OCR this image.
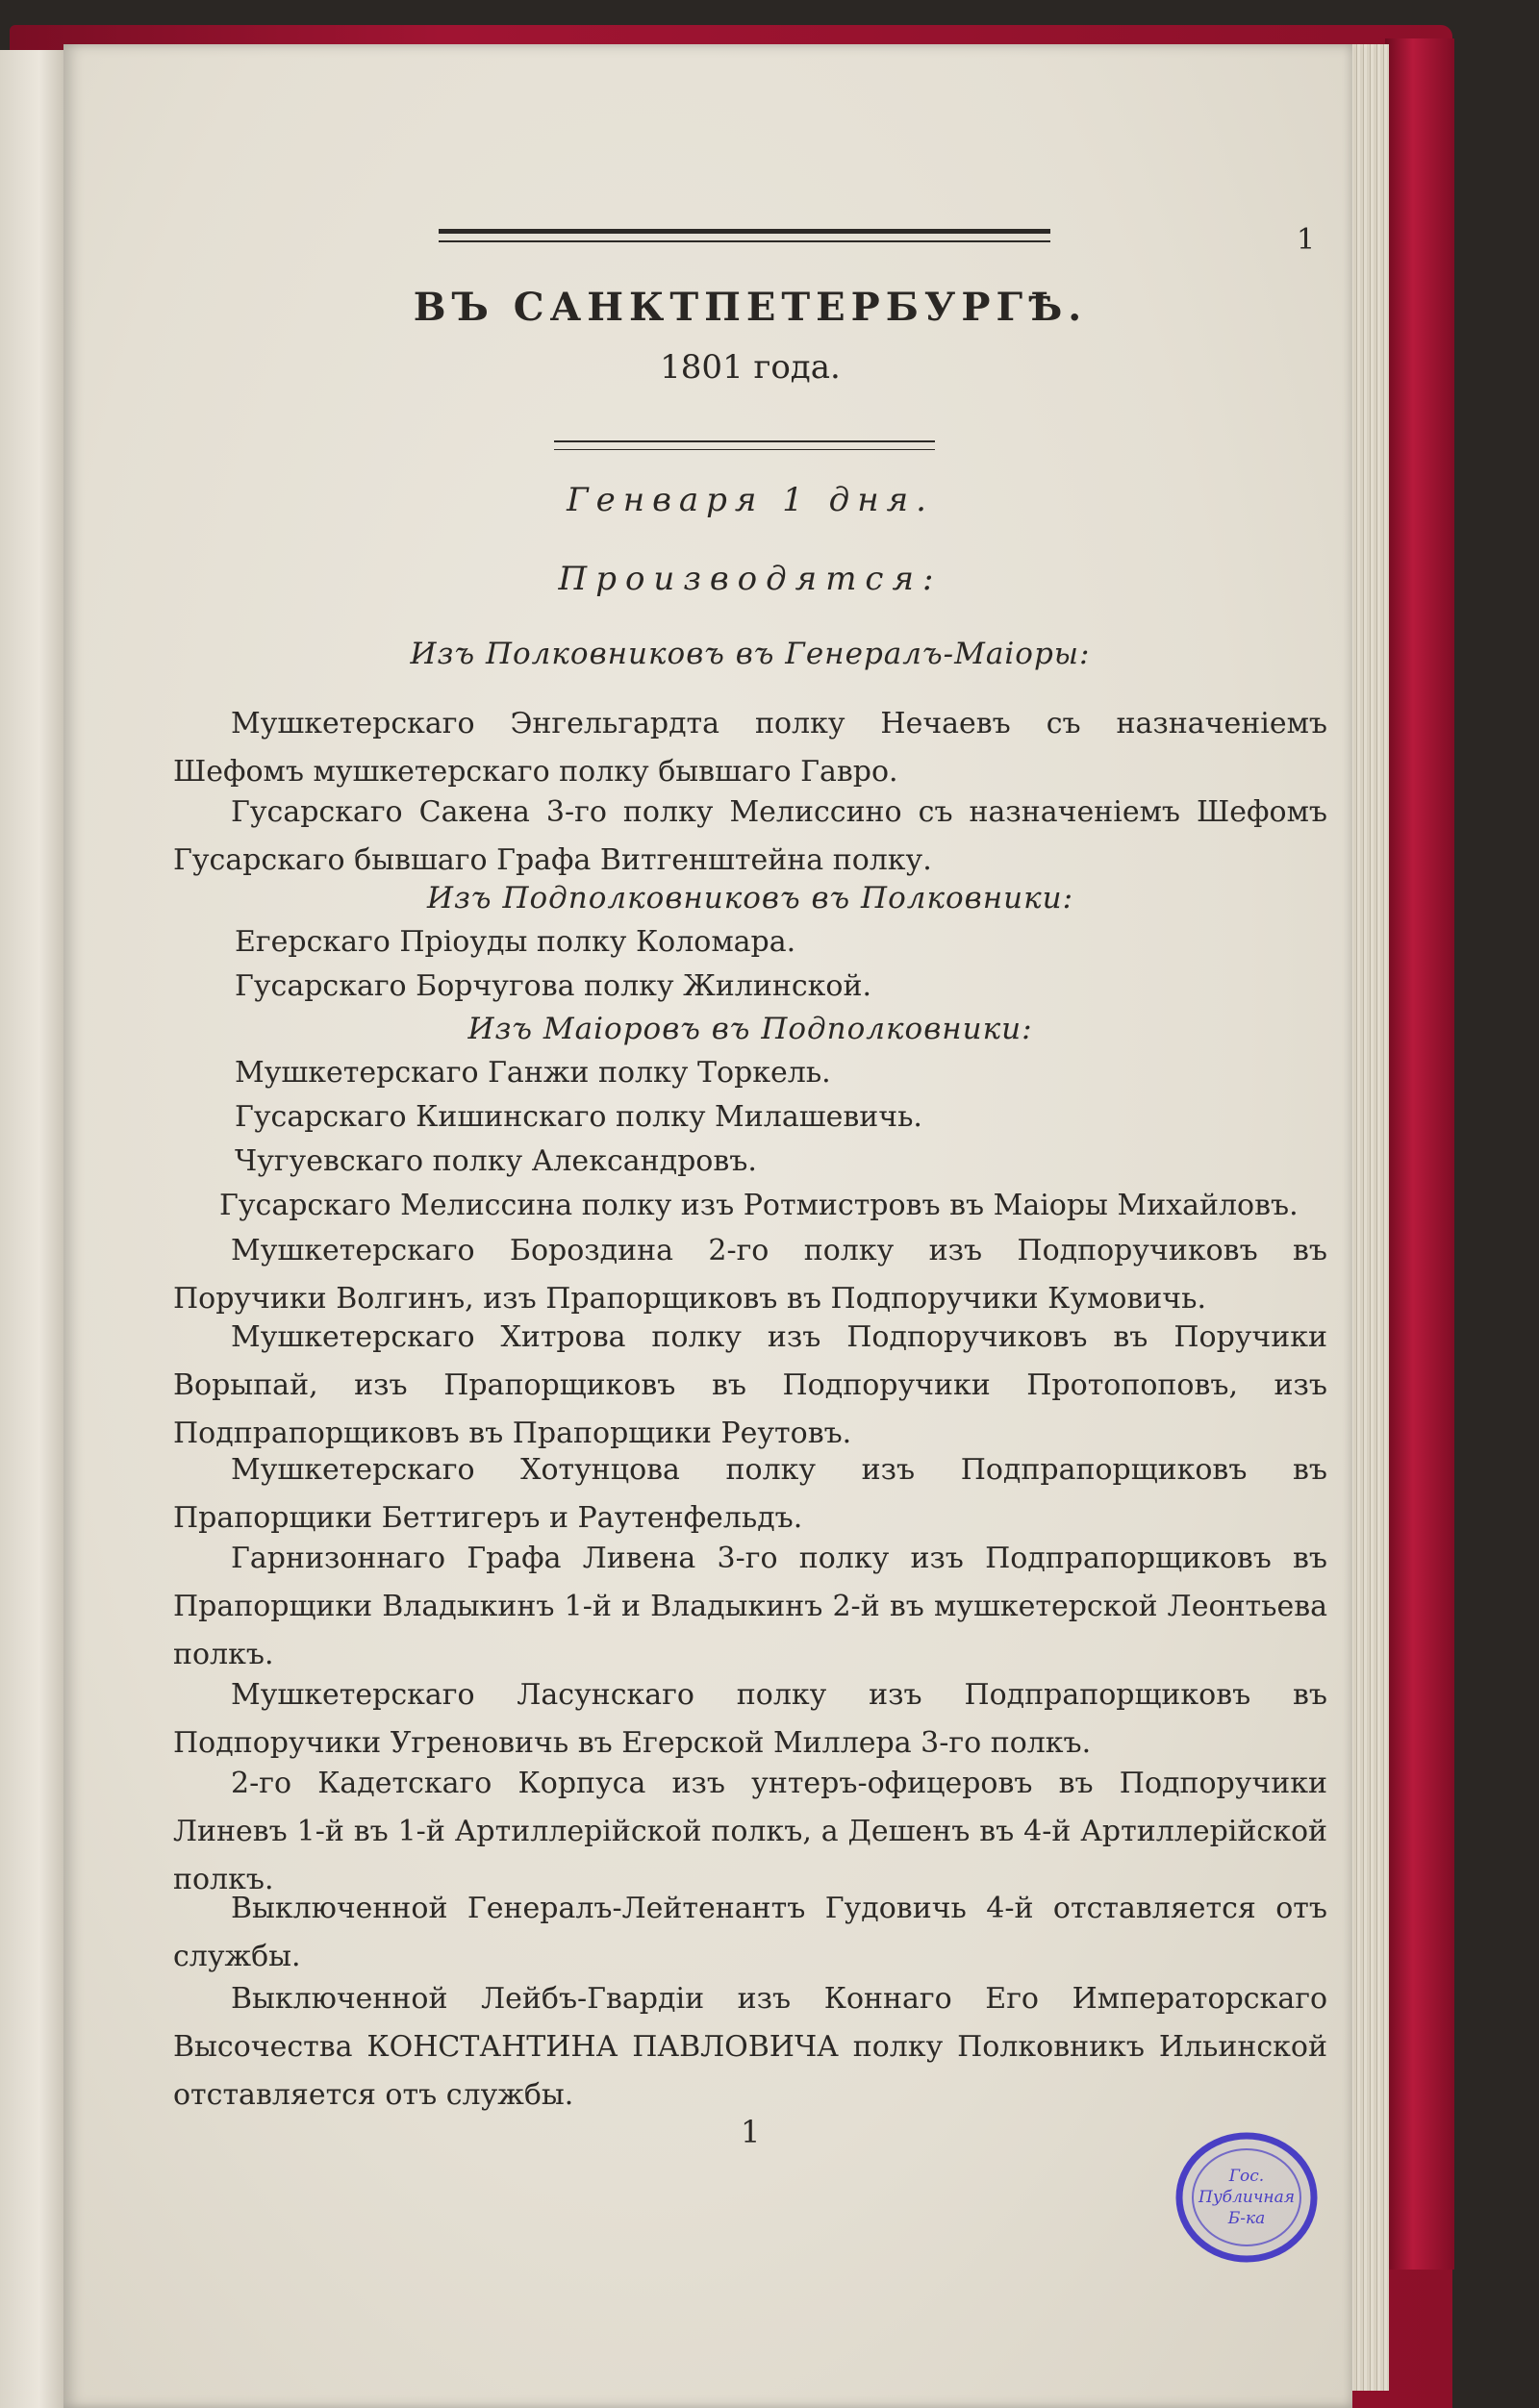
1
ВЪ САНКТПЕТЕРБУРГѢ.
1801 года.
Генваря 1 дня.
Производятся:
Изъ Полковниковъ въ Генералъ-Маіоры:

Мушкетерскаго Энгельгардта полку Нечаевъ съ назначеніемъ Шефомъ мушкетерскаго полку бывшаго Гавро.

Гусарскаго Сакена 3-го полку Мелиссино съ назначеніемъ Шефомъ Гусарскаго бывшаго Графа Витгенштейна полку.

Изъ Подполковниковъ въ Полковники:
Егерскаго Пріоуды полку Коломара.
Гусарскаго Борчугова полку Жилинской.
Изъ Маіоровъ въ Подполковники:
Мушкетерскаго Ганжи полку Торкель.
Гусарскаго Кишинскаго полку Милашевичь.
Чугуевскаго полку Александровъ.
Гусарскаго Мелиссина полку изъ Ротмистровъ въ Маіоры Михайловъ.

Мушкетерскаго Бороздина 2-го полку изъ Подпоручиковъ въ Поручики Волгинъ, изъ Прапорщиковъ въ Подпоручики Кумовичь.

Мушкетерскаго Хитрова полку изъ Подпоручиковъ въ Поручики Ворыпай, изъ Прапорщиковъ въ Подпоручики Протопоповъ, изъ Подпрапорщиковъ въ Прапорщики Реутовъ.

Мушкетерскаго Хотунцова полку изъ Подпрапорщиковъ въ Прапорщики Беттигеръ и Раутенфельдъ.

Гарнизоннаго Графа Ливена 3-го полку изъ Подпрапорщиковъ въ Прапорщики Владыкинъ 1-й и Владыкинъ 2-й въ мушкетерской Леонтьева полкъ.

Мушкетерскаго Ласунскаго полку изъ Подпрапорщиковъ въ Подпоручики Угреновичь въ Егерской Миллера 3-го полкъ.

2-го Кадетскаго Корпуса изъ унтеръ-офицеровъ въ Подпоручики Линевъ 1-й въ 1-й Артиллерійской полкъ, а Дешенъ въ 4-й Артиллерійской полкъ.

Выключенной Генералъ-Лейтенантъ Гудовичь 4-й отставляется отъ службы.

Выключенной Лейбъ-Гвардіи изъ Коннаго Его Императорскаго Высочества КОНСТАНТИНА ПАВЛОВИЧА полку Полковникъ Ильинской отставляется отъ службы.

1
Гос.
Публичная
Б-ка
